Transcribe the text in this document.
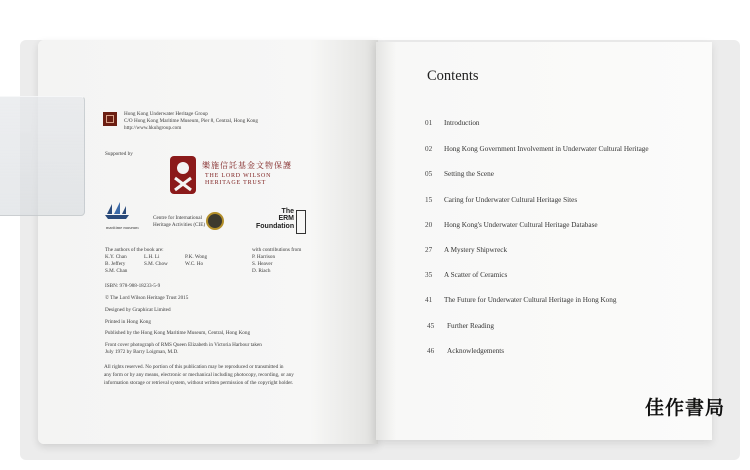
Hong Kong Underwater Heritage Group
C/O Hong Kong Maritime Museum, Pier 8, Central, Hong Kong
http://www.hkuhgroup.com
Supported by
樂施信託基金文物保護
THE LORD WILSON
HERITAGE TRUST
maritime museum
Centre for International
Heritage Activities (CIE)
The
ERM
Foundation
The authors of the book are:
K.Y. Chan	L.H. Li	P.K. Wong
B. Jeffery	S.M. Chow	W.C. Ho
S.M. Chan
with contributions from
P. Harrison
S. Heaver
D. Riach
ISBN: 978-988-18233-5-9
© The Lord Wilson Heritage Trust 2015
Designed by Graphicat Limited
Printed in Hong Kong
Published by the Hong Kong Maritime Museum, Central, Hong Kong
Front cover photograph of RMS Queen Elizabeth in Victoria Harbour taken
July 1972 by Barry Loigman, M.D.
All rights reserved. No portion of this publication may be reproduced or transmitted in
any form or by any means, electronic or mechanical including photocopy, recording, or any
information storage or retrieval system, without written permission of the copyright holder.
Contents
01 Introduction
02 Hong Kong Government Involvement in Underwater Cultural Heritage
05 Setting the Scene
15 Caring for Underwater Cultural Heritage Sites
20 Hong Kong's Underwater Cultural Heritage Database
27 A Mystery Shipwreck
35 A Scatter of Ceramics
41 The Future for Underwater Cultural Heritage in Hong Kong
45 Further Reading
46 Acknowledgements
佳作書局
